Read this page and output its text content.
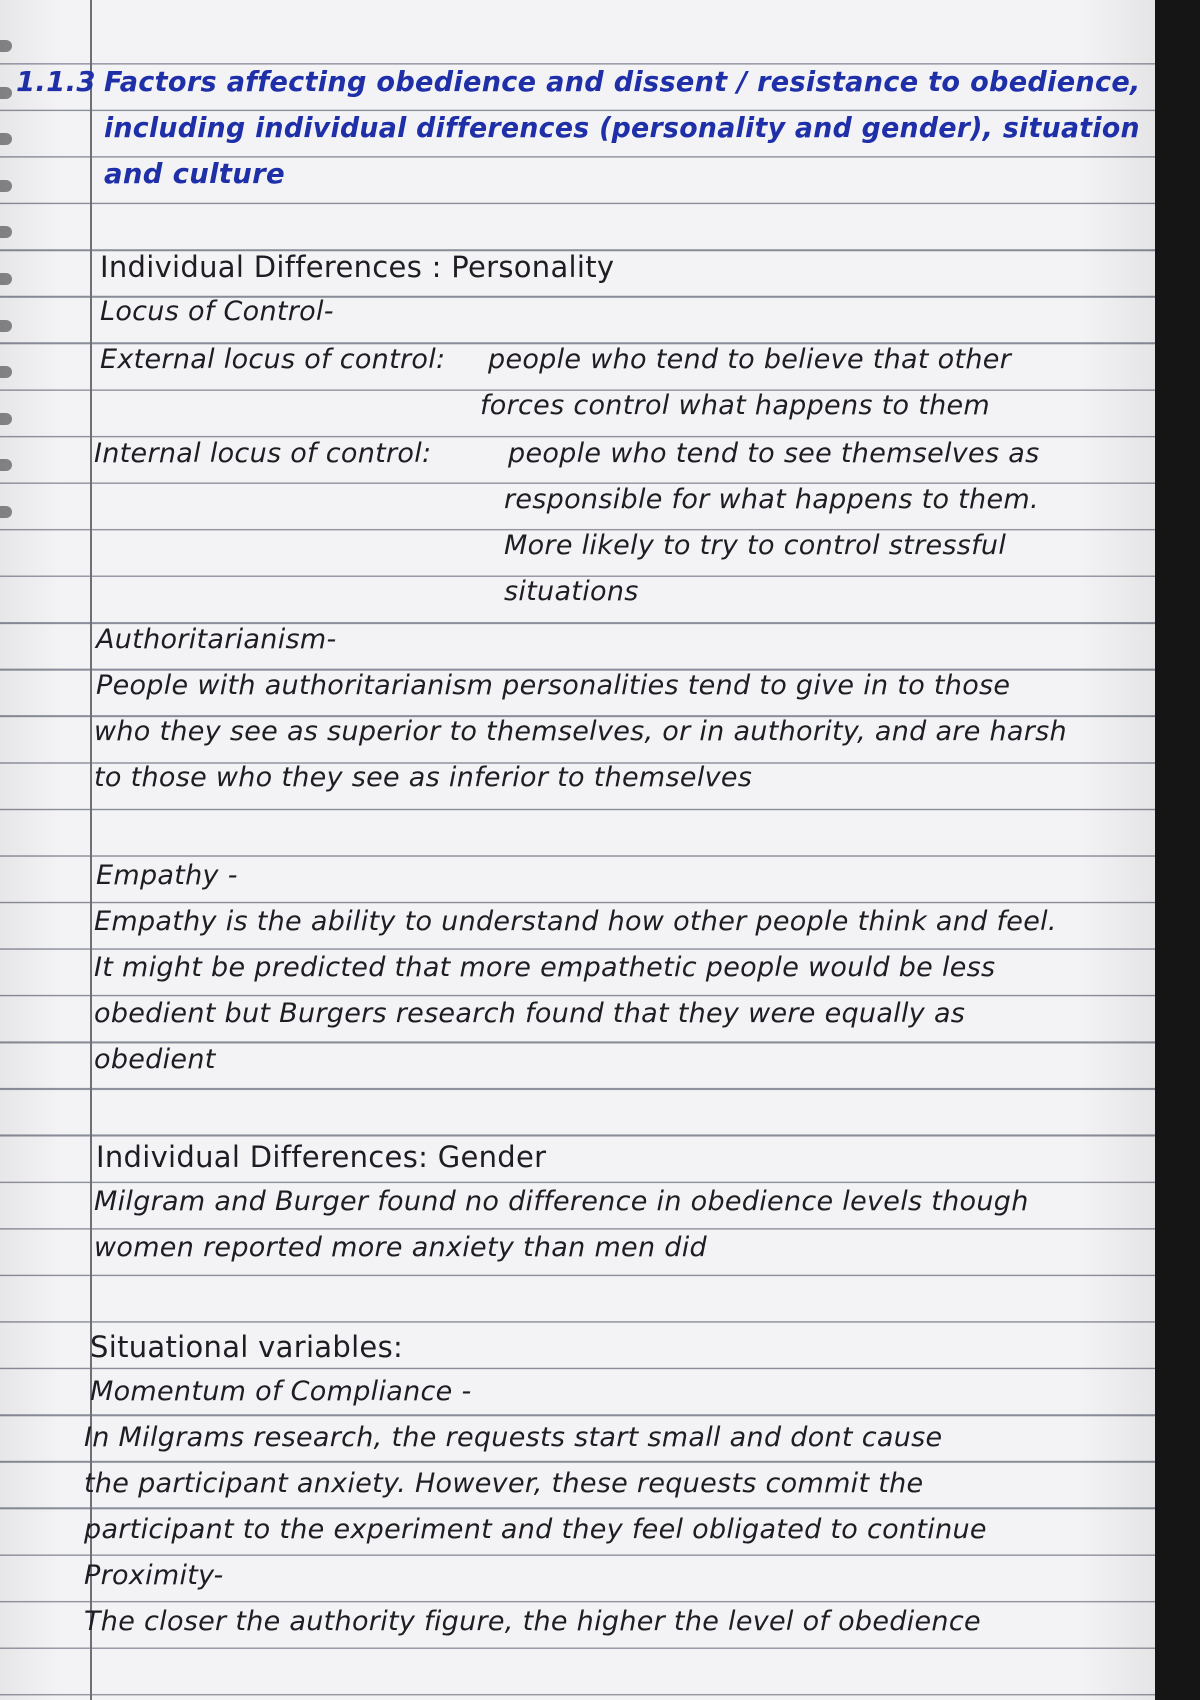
1.1.3 Factors affecting obedience and dissent / resistance to obedience,
including individual differences (personality and gender), situation
and culture
Individual Differences : Personality
Locus of Control-
External locus of control: people who tend to believe that other
forces control what happens to them
Internal locus of control:	people who tend to see themselves as
responsible for what happens to them.
More likely to try to control stressful
situations
Authoritarianism-
People with authoritarianism personalities tend to give in to those
who they see as superior to themselves, or in authority, and are harsh
to those who they see as inferior to themselves
Empathy -
Empathy is the ability to understand how other people think and feel.
It might be predicted that more empathetic people would be less
obedient but Burgers research found that they were equally as
obedient
Individual Differences: Gender
Milgram and Burger found no difference in obedience levels though
women reported more anxiety than men did
Situational variables:
Momentum of Compliance -
In Milgrams research, the requests start small and dont cause
the participant anxiety. However, these requests commit the
participant to the experiment and they feel obligated to continue
Proximity-
The closer the authority figure, the higher the level of obedience
